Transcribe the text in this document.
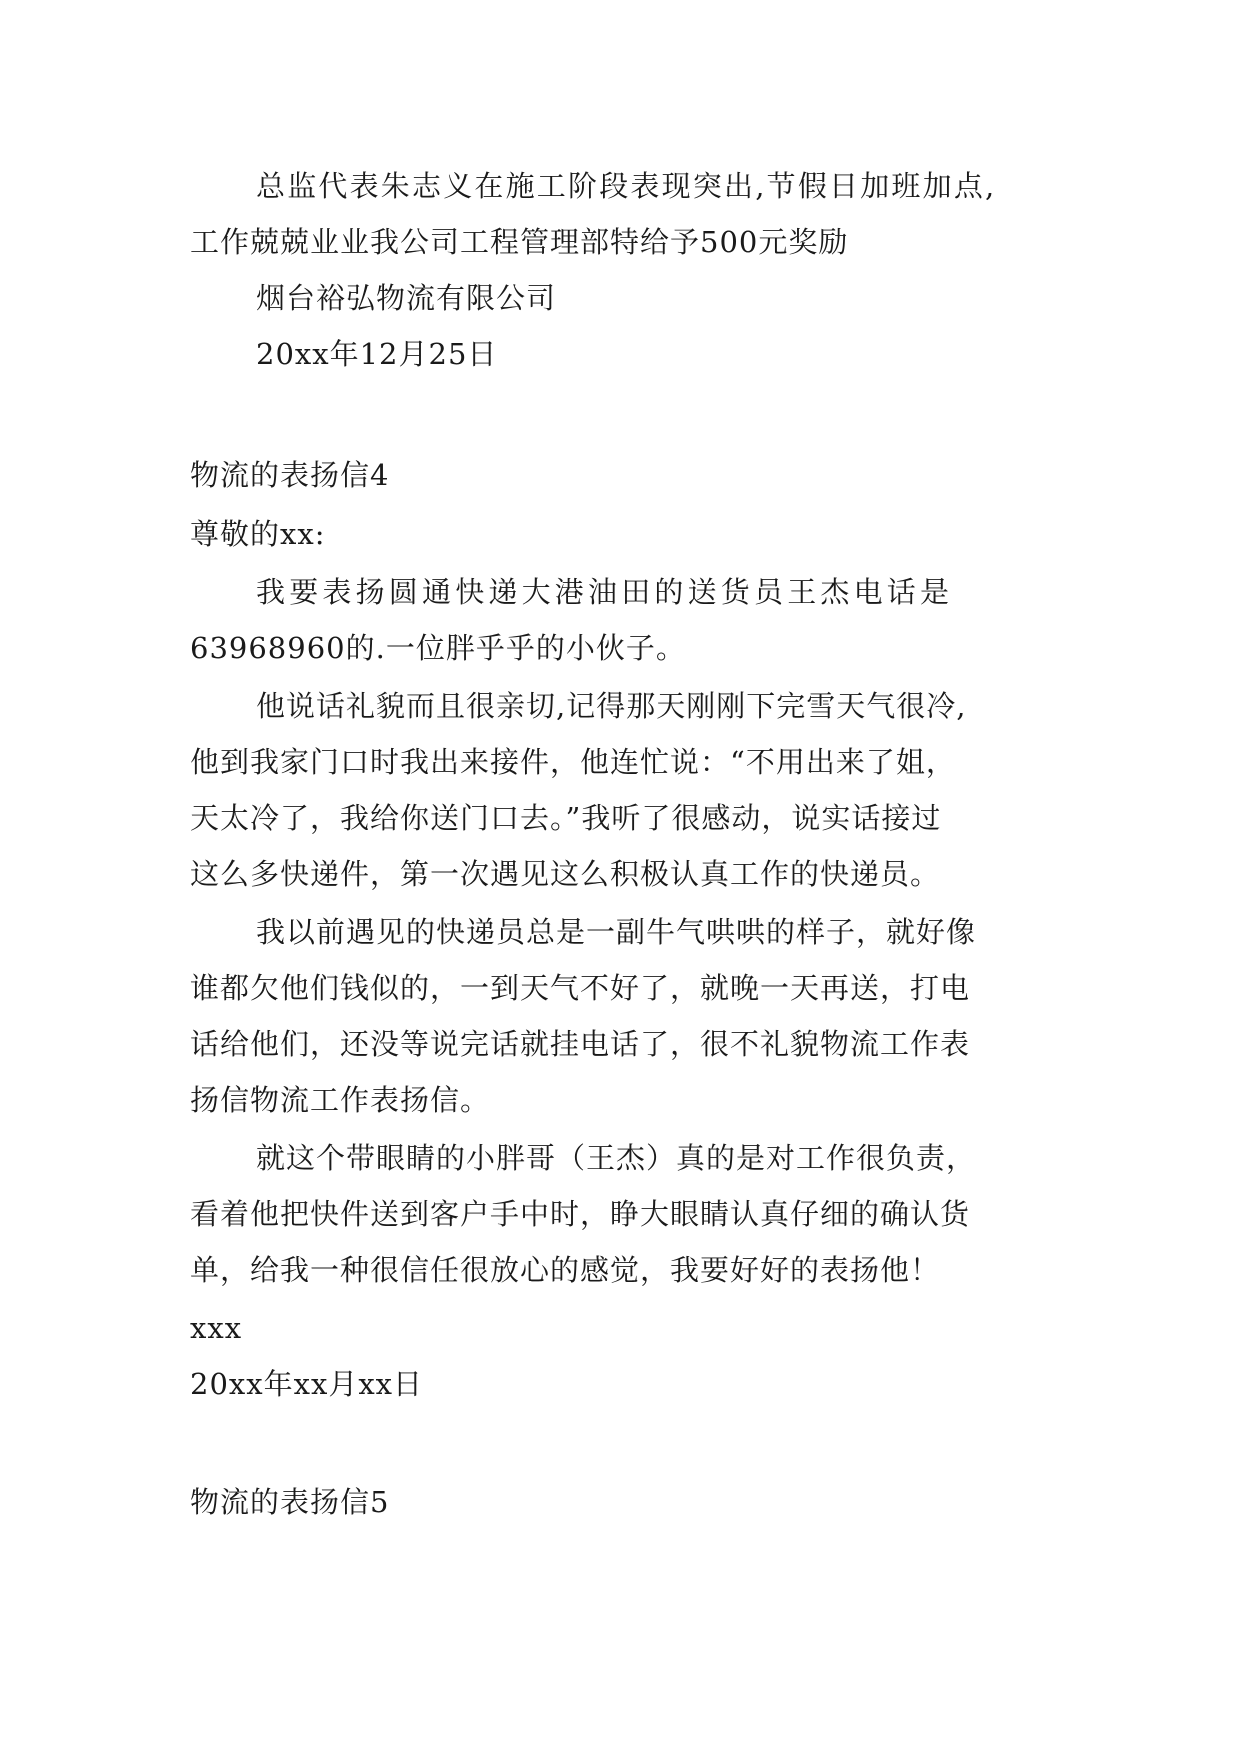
总监代表朱志义在施工阶段表现突出,节假日加班加点,
工作兢兢业业我公司工程管理部特给予500元奖励
烟台裕弘物流有限公司
20xx年12月25日
物流的表扬信4
尊敬的xx:
我要表扬圆通快递大港油田的送货员王杰电话是
63968960的.一位胖乎乎的小伙子。
他说话礼貌而且很亲切,记得那天刚刚下完雪天气很冷,
他到我家门口时我出来接件，他连忙说：“不用出来了姐，
天太冷了，我给你送门口去。”我听了很感动，说实话接过
这么多快递件，第一次遇见这么积极认真工作的快递员。
我以前遇见的快递员总是一副牛气哄哄的样子，就好像
谁都欠他们钱似的，一到天气不好了，就晚一天再送，打电
话给他们，还没等说完话就挂电话了，很不礼貌物流工作表
扬信物流工作表扬信。
就这个带眼睛的小胖哥（王杰）真的是对工作很负责，
看着他把快件送到客户手中时，睁大眼睛认真仔细的确认货
单，给我一种很信任很放心的感觉，我要好好的表扬他！
xxx
20xx年xx月xx日
物流的表扬信5
